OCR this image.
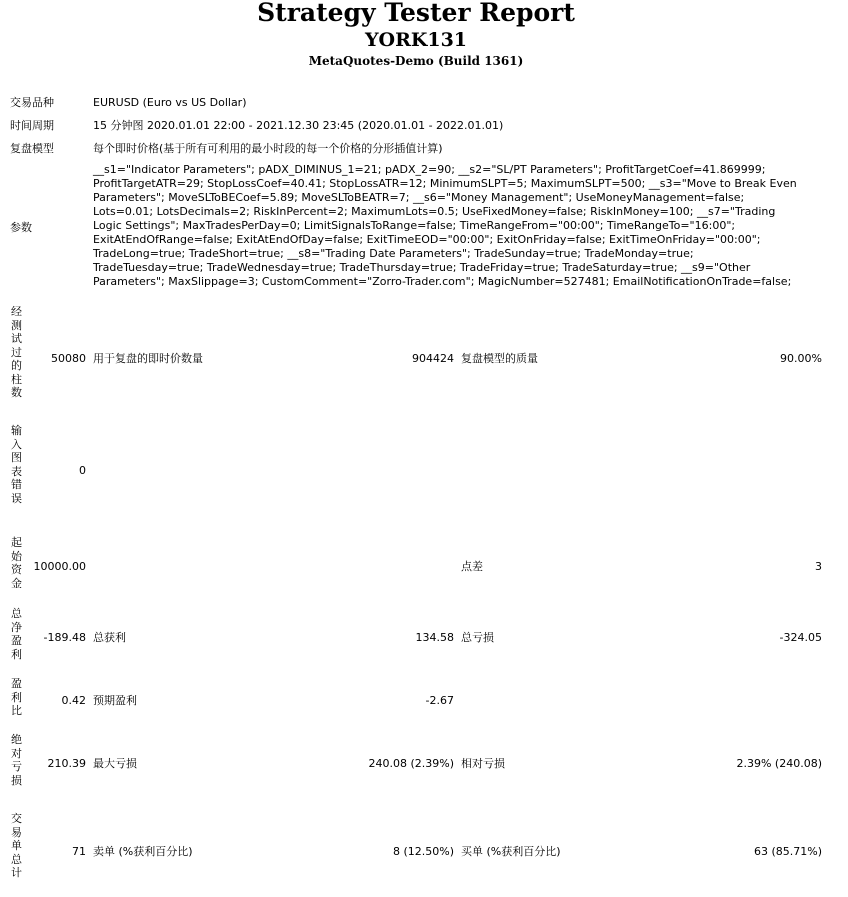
Strategy Tester Report
YORK131
MetaQuotes-Demo (Build 1361)
交易品种	EURUSD (Euro vs US Dollar)
时间周期	15 分钟图 2020.01.01 22:00 - 2021.12.30 23:45 (2020.01.01 - 2022.01.01)
复盘模型	每个即时价格(基于所有可利用的最小时段的每一个价格的分形插值计算)
参数
__s1="Indicator Parameters"; pADX_DIMINUS_1=21; pADX_2=90; __s2="SL/PT Parameters"; ProfitTargetCoef=41.869999; ProfitTargetATR=29; StopLossCoef=40.41; StopLossATR=12; MinimumSLPT=5; MaximumSLPT=500; __s3="Move to Break Even Parameters"; MoveSLToBECoef=5.89; MoveSLToBEATR=7; __s6="Money Management"; UseMoneyManagement=false; Lots=0.01; LotsDecimals=2; RiskInPercent=2; MaximumLots=0.5; UseFixedMoney=false; RiskInMoney=100; __s7="Trading Logic Settings"; MaxTradesPerDay=0; LimitSignalsToRange=false; TimeRangeFrom="00:00"; TimeRangeTo="16:00"; ExitAtEndOfRange=false; ExitAtEndOfDay=false; ExitTimeEOD="00:00"; ExitOnFriday=false; ExitTimeOnFriday="00:00"; TradeLong=true; TradeShort=true; __s8="Trading Date Parameters"; TradeSunday=true; TradeMonday=true; TradeTuesday=true; TradeWednesday=true; TradeThursday=true; TradeFriday=true; TradeSaturday=true; __s9="Other Parameters"; MaxSlippage=3; CustomComment="Zorro-Trader.com"; MagicNumber=527481; EmailNotificationOnTrade=false;
经测试过的柱数
50080 用于复盘的即时价数量	904424 复盘模型的质量	90.00%
输入图表错误
0
起始资金
10000.00	点差	3
总净盈利
-189.48 总获利	134.58 总亏损	-324.05
盈利比
0.42 预期盈利	-2.67
绝对亏损
210.39 最大亏损	240.08 (2.39%) 相对亏损	2.39% (240.08)
交易单总计
71 卖单 (%获利百分比)	8 (12.50%) 买单 (%获利百分比)	63 (85.71%)
